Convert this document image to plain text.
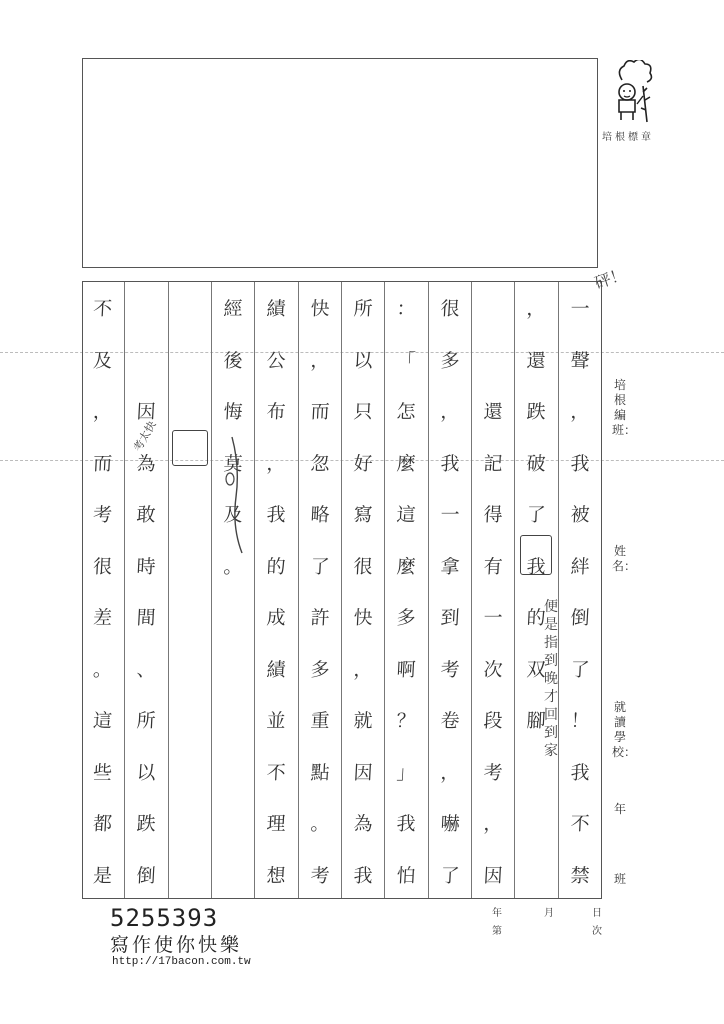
培根標章
培根編班：
姓名：
就讀學校：
年
班
一
聲
，
我
被
絆
倒
了
！
我
不
禁
，
還
跌
破
了
我
的
双
腳
還
記
得
有
一
次
段
考
，
因
很
多
，
我
一
拿
到
考
卷
，
嚇
了
：
「
怎
麼
這
麼
多
啊
？
」
我
怕
所
以
只
好
寫
很
快
，
就
因
為
我
快
，
而
忽
略
了
許
多
重
點
。
考
績
公
布
，
我
的
成
績
並
不
理
想
經
後
悔
莫
及
。
因
為
敢
時
間
、
所
以
跌
倒
不
及
，
而
考
很
差
。
這
些
都
是
砰！
便是指到晚才回到家
考太快
5255393
寫作使你快樂
http://17bacon.com.tw
年	月	日
第	次
